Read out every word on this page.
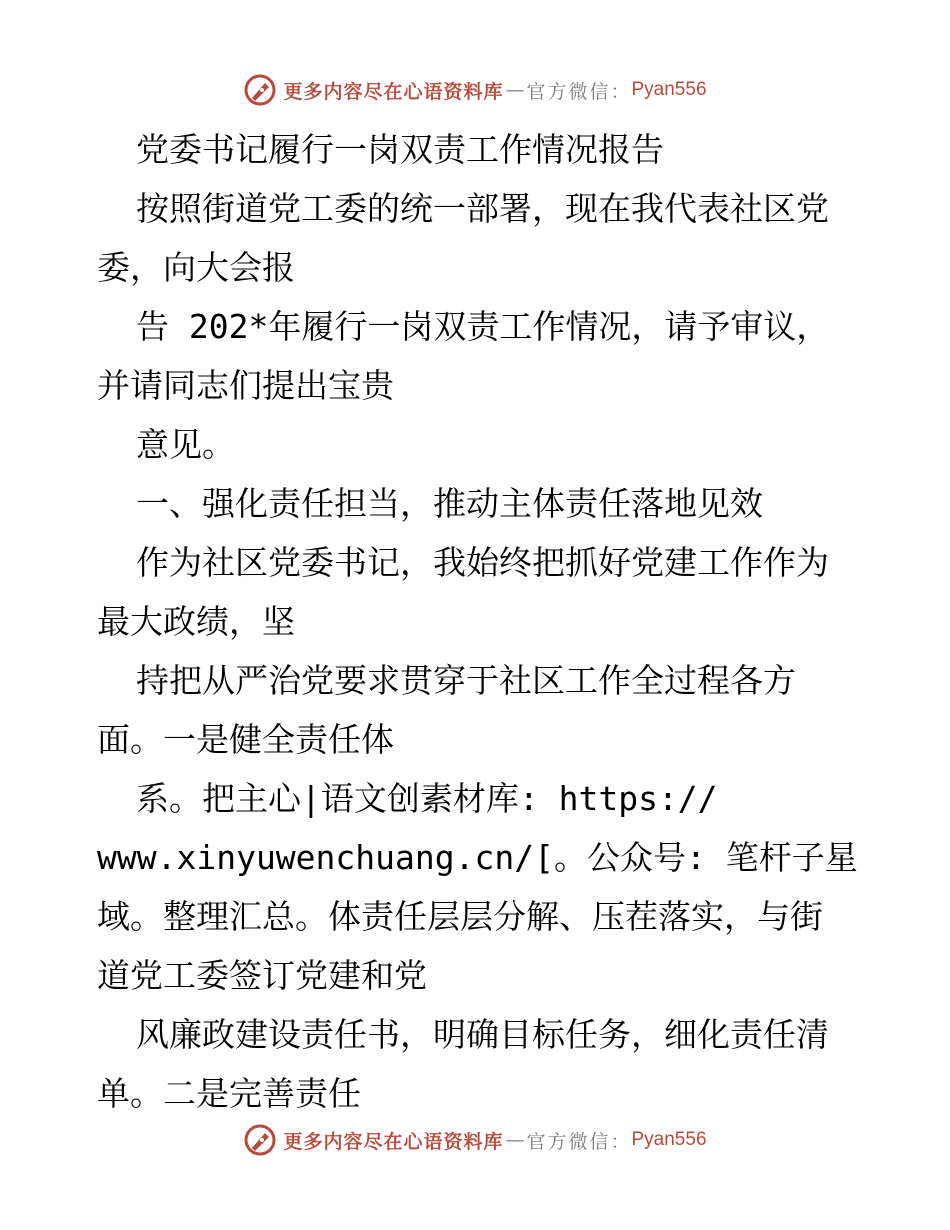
更多内容尽在心语资料库 — 官方微信： Pyan556
党委书记履行一岗双责工作情况报告
按照街道党工委的统一部署，现在我代表社区党
委，向大会报
告 202*年履行一岗双责工作情况，请予审议，
并请同志们提出宝贵
意见。
一、强化责任担当，推动主体责任落地见效
作为社区党委书记，我始终把抓好党建工作作为
最大政绩，坚
持把从严治党要求贯穿于社区工作全过程各方
面。一是健全责任体
系。把主心|语文创素材库: https://
www.xinyuwenchuang.cn/[。公众号: 笔杆子星
域。整理汇总。体责任层层分解、压茬落实，与街
道党工委签订党建和党
风廉政建设责任书，明确目标任务，细化责任清
单。二是完善责任
更多内容尽在心语资料库 — 官方微信： Pyan556
